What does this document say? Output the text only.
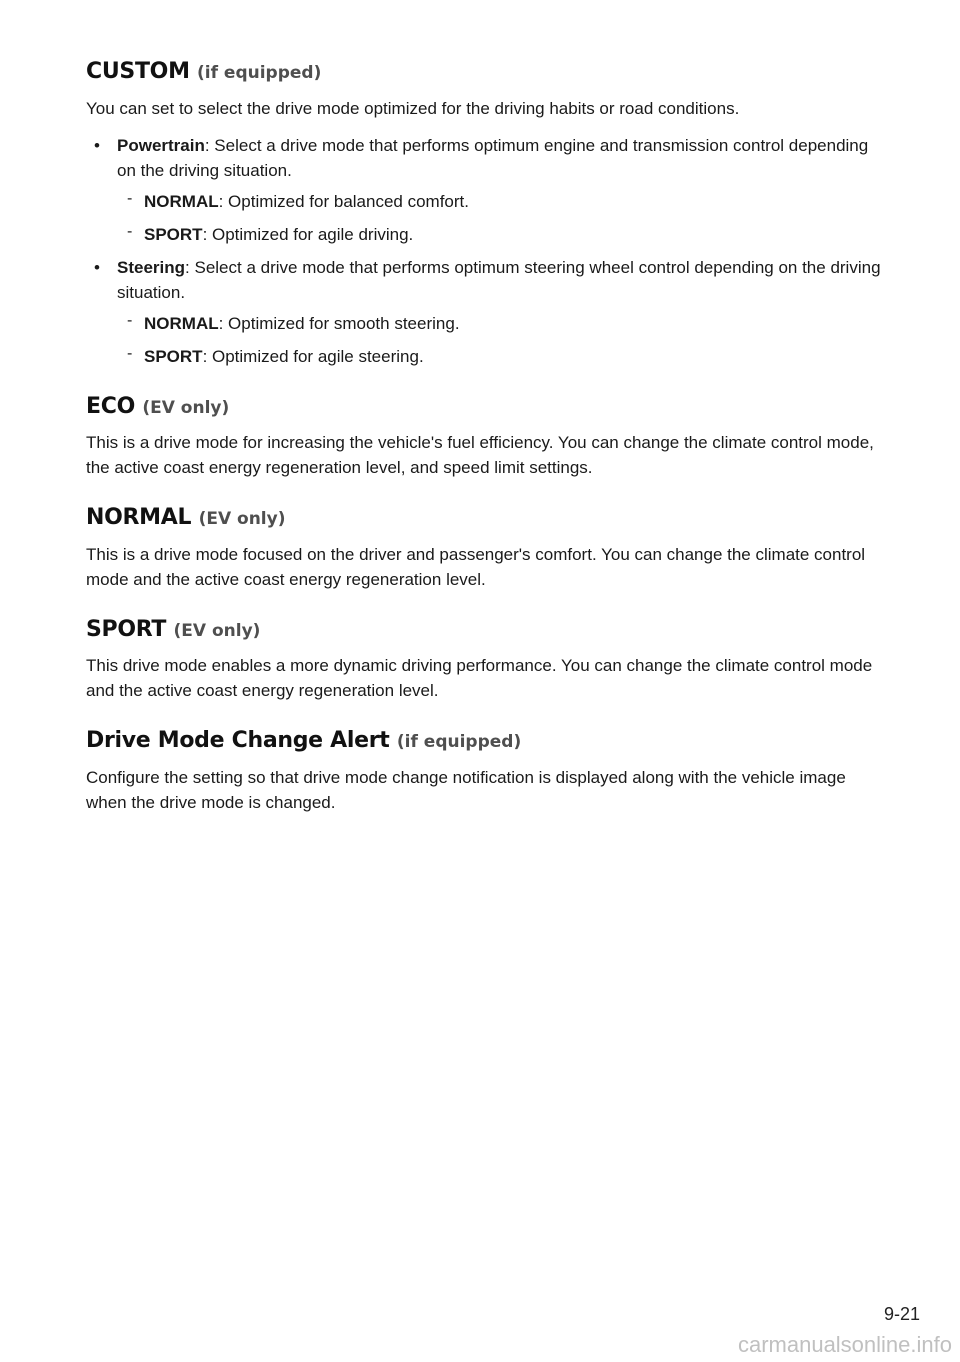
CUSTOM (if equipped)

You can set to select the drive mode optimized for the driving habits or road conditions.

• Powertrain: Select a drive mode that performs optimum engine and transmission control depending on the driving situation.
- NORMAL: Optimized for balanced comfort.
- SPORT: Optimized for agile driving.
• Steering: Select a drive mode that performs optimum steering wheel control depending on the driving situation.
- NORMAL: Optimized for smooth steering.
- SPORT: Optimized for agile steering.
ECO (EV only)

This is a drive mode for increasing the vehicle's fuel efficiency. You can change the climate control mode, the active coast energy regeneration level, and speed limit settings.

NORMAL (EV only)

This is a drive mode focused on the driver and passenger's comfort. You can change the climate control mode and the active coast energy regeneration level.

SPORT (EV only)

This drive mode enables a more dynamic driving performance. You can change the climate control mode and the active coast energy regeneration level.

Drive Mode Change Alert (if equipped)

Configure the setting so that drive mode change notification is displayed along with the vehicle image when the drive mode is changed.

9-21
carmanualsonline.info
